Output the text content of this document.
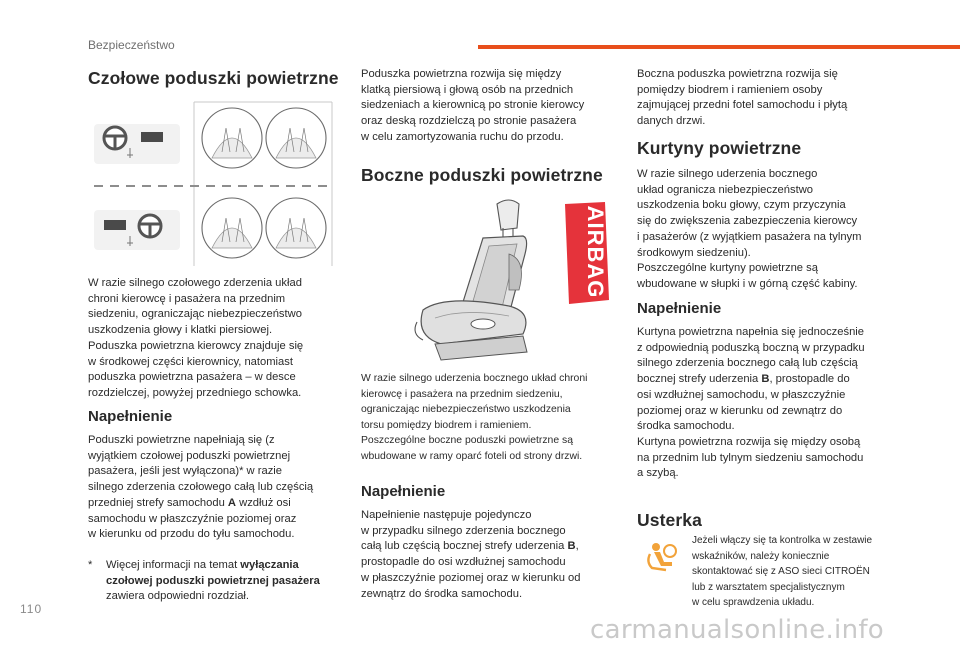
Bezpieczeństwo
Czołowe poduszki powietrzne

W razie silnego czołowego zderzenia układ
chroni kierowcę i pasażera na przednim
siedzeniu, ograniczając niebezpieczeństwo
uszkodzenia głowy i klatki piersiowej.
Poduszka powietrzna kierowcy znajduje się
w środkowej części kierownicy, natomiast
poduszka powietrzna pasażera – w desce
rozdzielczej, powyżej przedniego schowka.

Napełnienie

Poduszki powietrzne napełniają się (z
wyjątkiem czołowej poduszki powietrznej
pasażera, jeśli jest wyłączona)* w razie
silnego zderzenia czołowego całą lub częścią
przedniej strefy samochodu A wzdłuż osi
samochodu w płaszczyźnie poziomej oraz
w kierunku od przodu do tyłu samochodu.

* Więcej informacji na temat wyłączania
czołowej poduszki powietrznej pasażera
zawiera odpowiedni rozdział.

Poduszka powietrzna rozwija się między
klatką piersiową i głową osób na przednich
siedzeniach a kierownicą po stronie kierowcy
oraz deską rozdzielczą po stronie pasażera
w celu zamortyzowania ruchu do przodu.

Boczne poduszki powietrzne
AIRBAG

W razie silnego uderzenia bocznego układ chroni
kierowcę i pasażera na przednim siedzeniu,
ograniczając niebezpieczeństwo uszkodzenia
torsu pomiędzy biodrem i ramieniem.
Poszczególne boczne poduszki powietrzne są
wbudowane w ramy oparć foteli od strony drzwi.

Napełnienie

Napełnienie następuje pojedynczo
w przypadku silnego zderzenia bocznego
całą lub częścią bocznej strefy uderzenia B,
prostopadle do osi wzdłużnej samochodu
w płaszczyźnie poziomej oraz w kierunku od
zewnątrz do środka samochodu.

Boczna poduszka powietrzna rozwija się
pomiędzy biodrem i ramieniem osoby
zajmującej przedni fotel samochodu i płytą
danych drzwi.

Kurtyny powietrzne

W razie silnego uderzenia bocznego
układ ogranicza niebezpieczeństwo
uszkodzenia boku głowy, czym przyczynia
się do zwiększenia zabezpieczenia kierowcy
i pasażerów (z wyjątkiem pasażera na tylnym
środkowym siedzeniu).
Poszczególne kurtyny powietrzne są
wbudowane w słupki i w górną część kabiny.

Napełnienie

Kurtyna powietrzna napełnia się jednocześnie
z odpowiednią poduszką boczną w przypadku
silnego zderzenia bocznego całą lub częścią
bocznej strefy uderzenia B, prostopadle do
osi wzdłużnej samochodu, w płaszczyźnie
poziomej oraz w kierunku od zewnątrz do
środka samochodu.
Kurtyna powietrzna rozwija się między osobą
na przednim lub tylnym siedzeniu samochodu
a szybą.

Usterka

Jeżeli włączy się ta kontrolka w zestawie
wskaźników, należy koniecznie
skontaktować się z ASO sieci CITROËN
lub z warsztatem specjalistycznym
w celu sprawdzenia układu.

110
carmanualsonline.info
